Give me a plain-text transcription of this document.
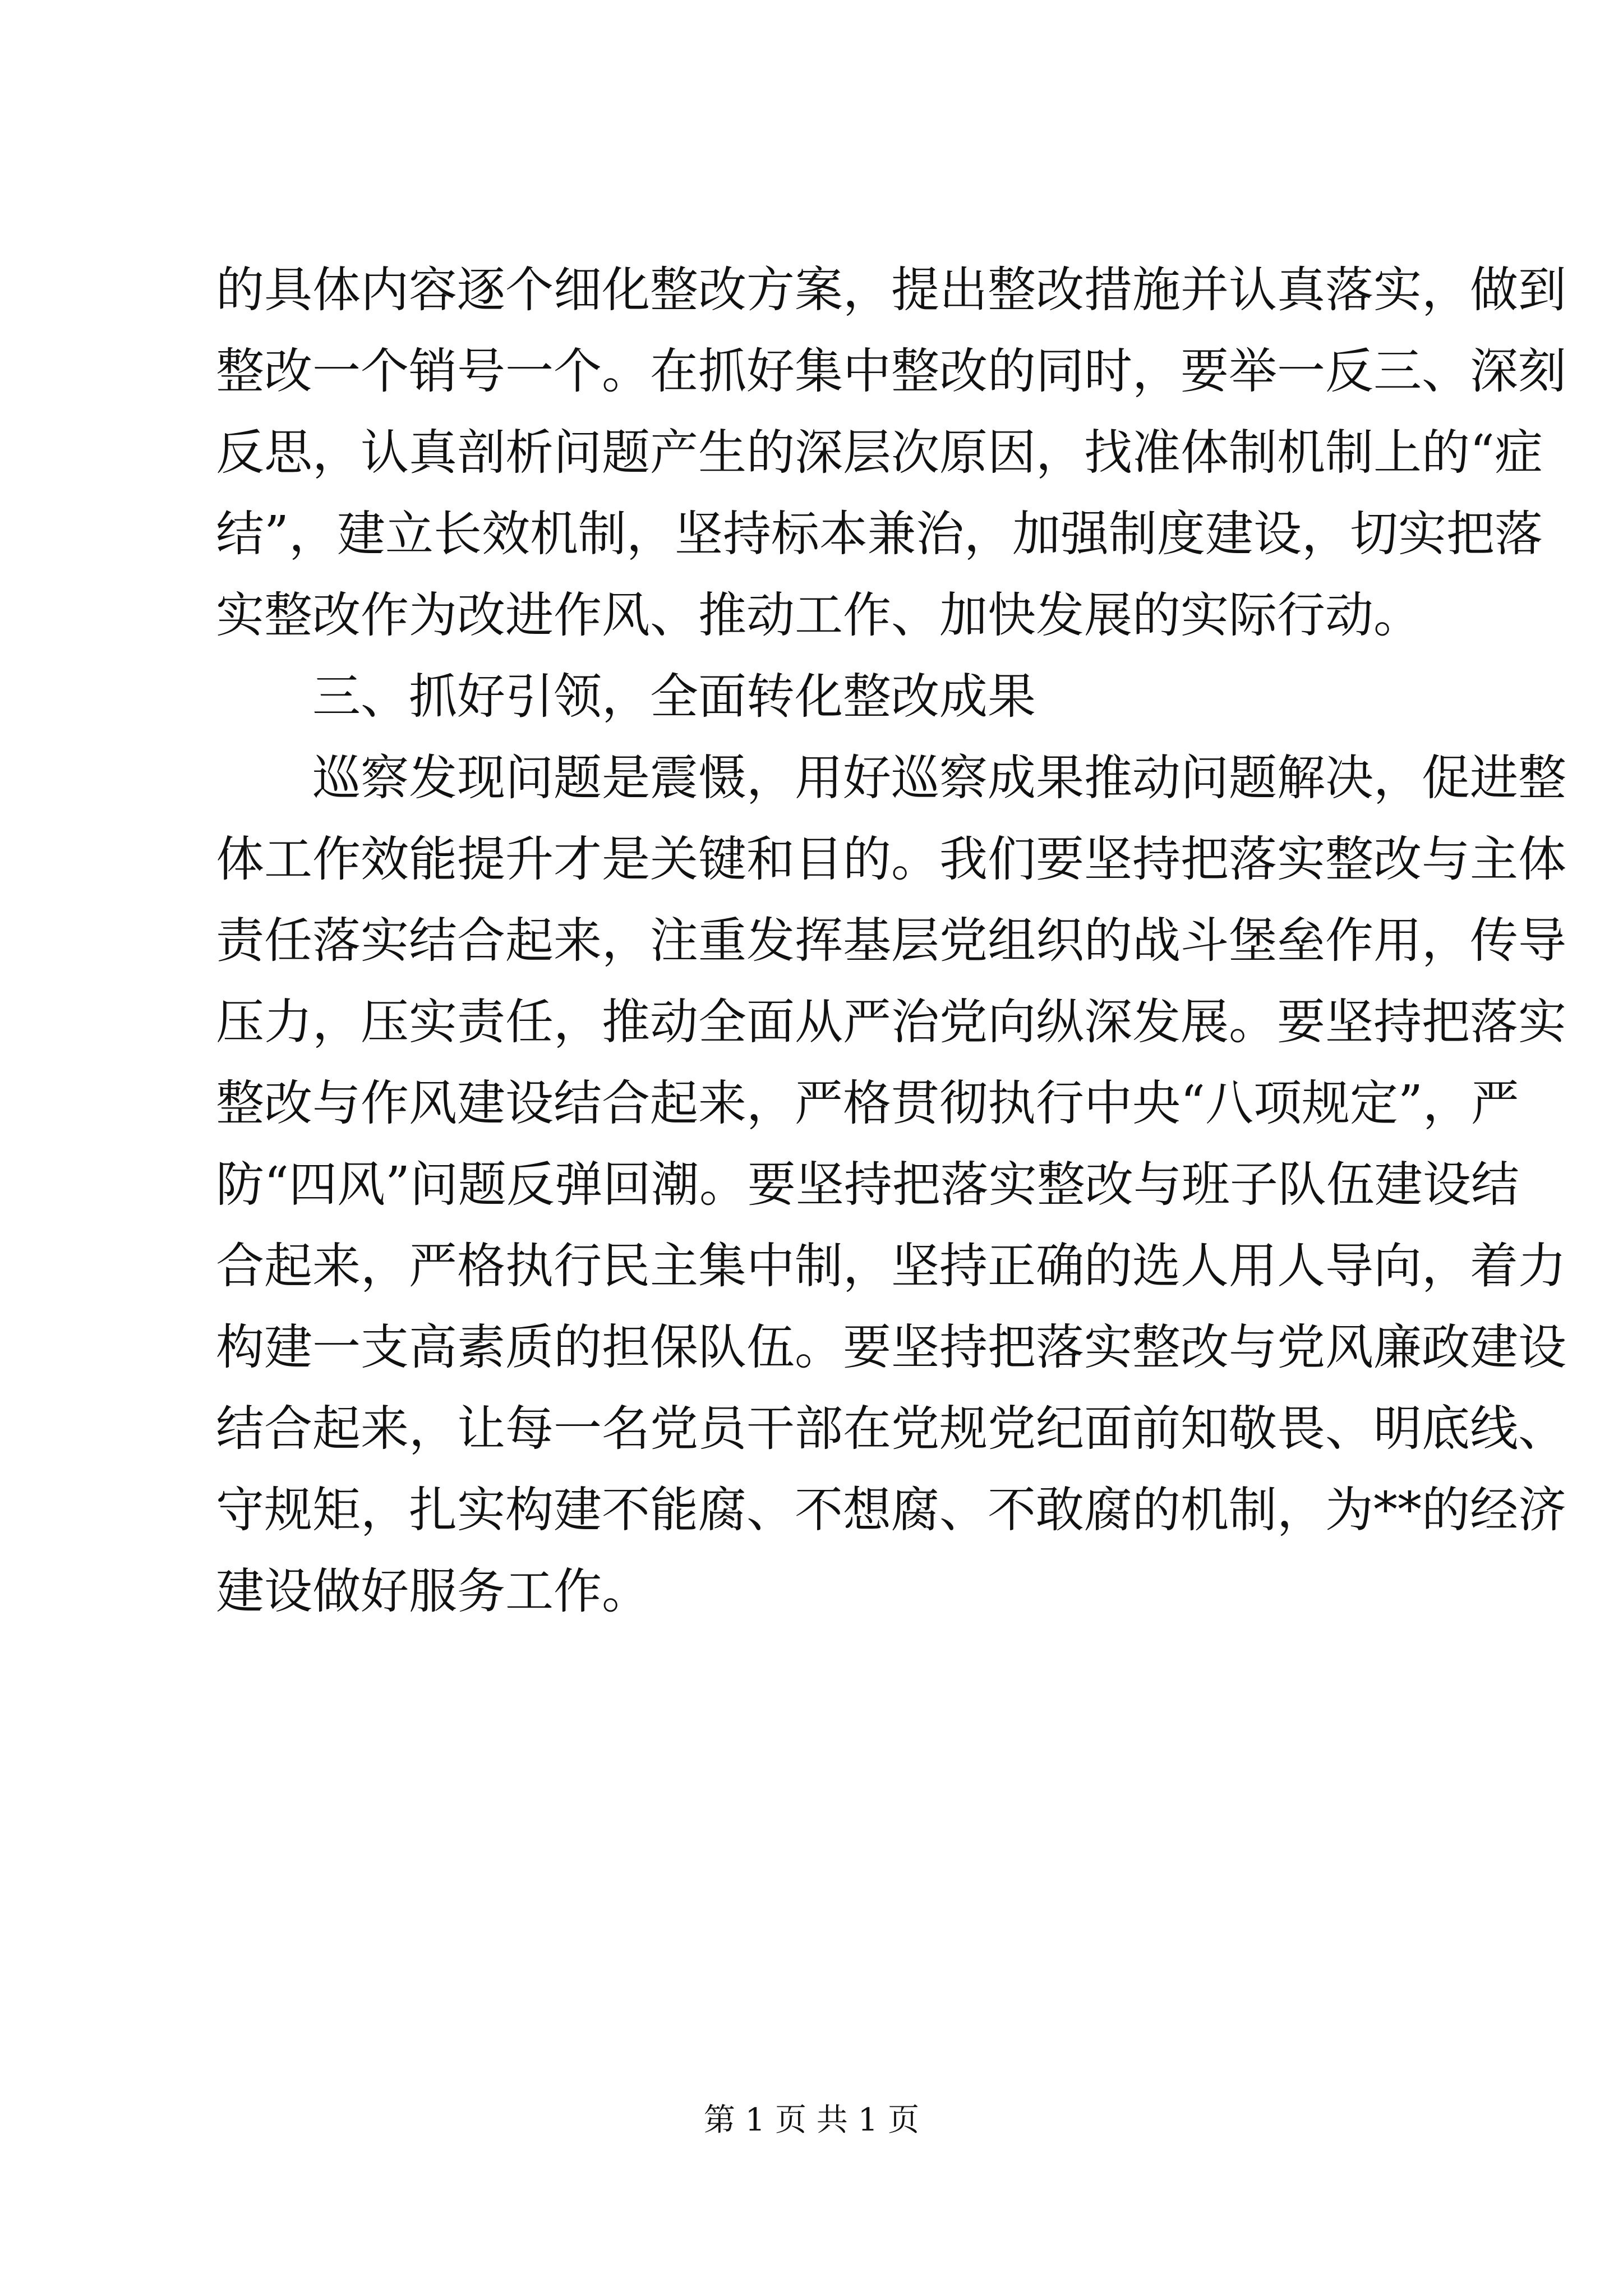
的具体内容逐个细化整改方案，提出整改措施并认真落实，做到
整改一个销号一个。在抓好集中整改的同时，要举一反三、深刻
反思，认真剖析问题产生的深层次原因，找准体制机制上的“症
结”，建立长效机制，坚持标本兼治，加强制度建设，切实把落
实整改作为改进作风、推动工作、加快发展的实际行动。
　　三、抓好引领，全面转化整改成果
　　巡察发现问题是震慑，用好巡察成果推动问题解决，促进整
体工作效能提升才是关键和目的。我们要坚持把落实整改与主体
责任落实结合起来，注重发挥基层党组织的战斗堡垒作用，传导
压力，压实责任，推动全面从严治党向纵深发展。要坚持把落实
整改与作风建设结合起来，严格贯彻执行中央“八项规定”，严
防“四风”问题反弹回潮。要坚持把落实整改与班子队伍建设结
合起来，严格执行民主集中制，坚持正确的选人用人导向，着力
构建一支高素质的担保队伍。要坚持把落实整改与党风廉政建设
结合起来，让每一名党员干部在党规党纪面前知敬畏、明底线、
守规矩，扎实构建不能腐、不想腐、不敢腐的机制，为**的经济
建设做好服务工作。
第 1 页 共 1 页
